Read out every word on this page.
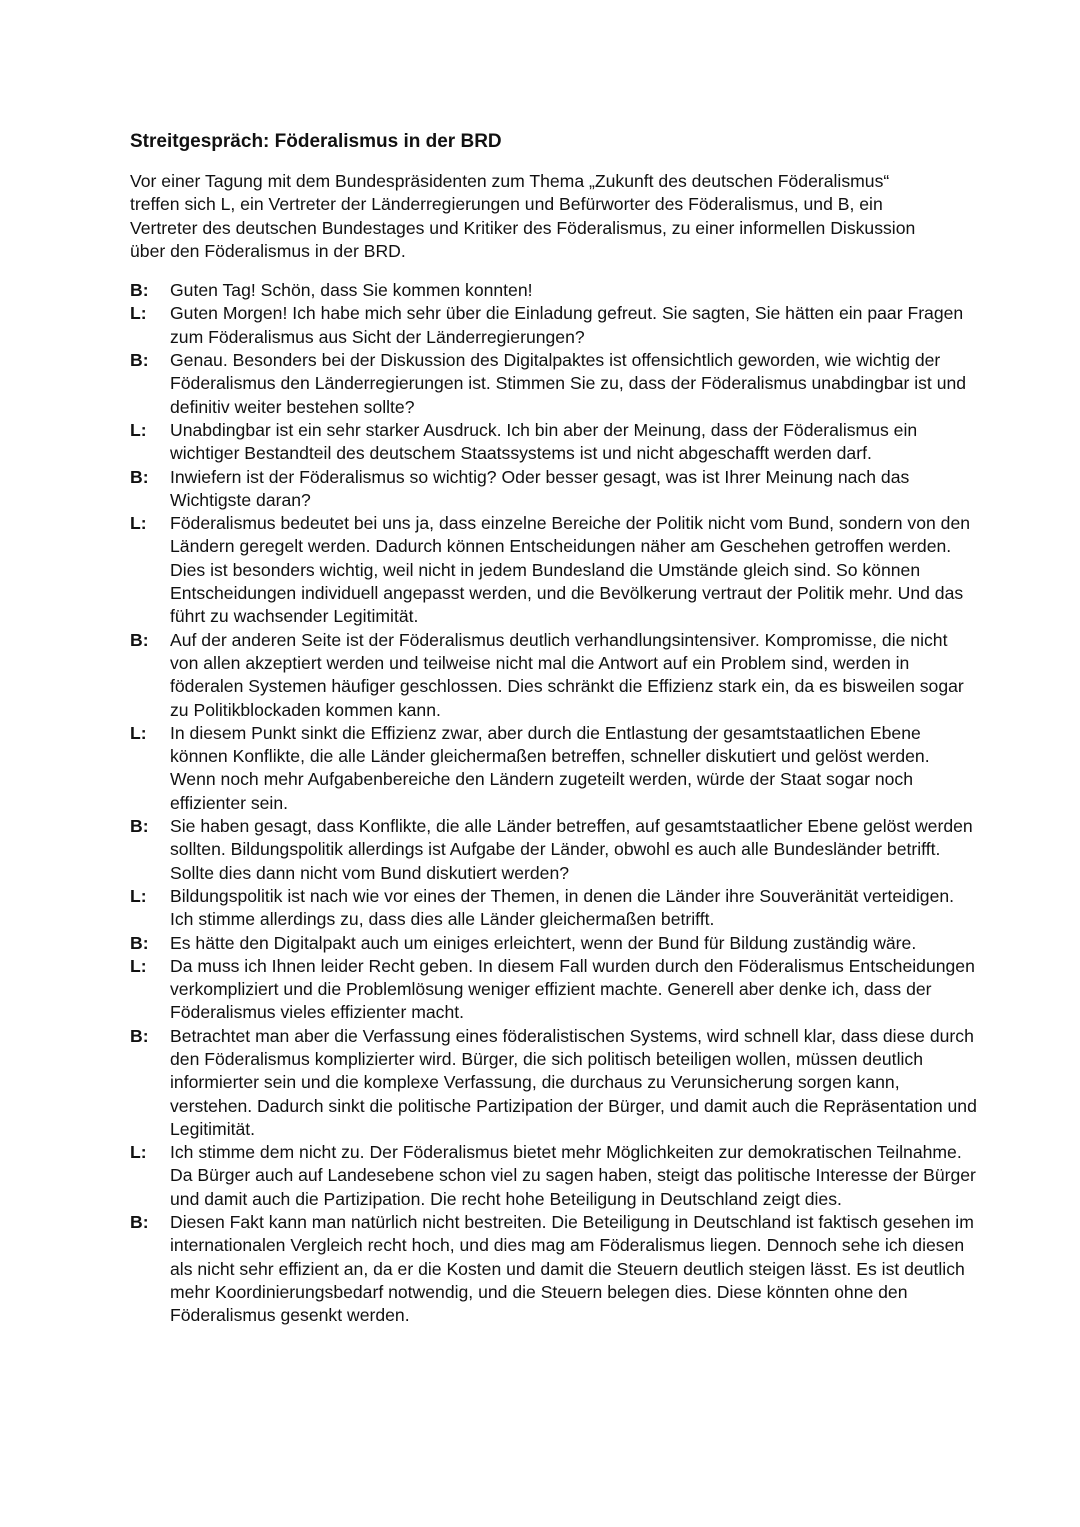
Streitgespräch: Föderalismus in der BRD

Vor einer Tagung mit dem Bundespräsidenten zum Thema „Zukunft des deutschen Föderalismus“ treffen sich L, ein Vertreter der Länderregierungen und Befürworter des Föderalismus, und B, ein Vertreter des deutschen Bundestages und Kritiker des Föderalismus, zu einer informellen Diskussion über den Föderalismus in der BRD.

B:	Guten Tag! Schön, dass Sie kommen konnten!
L:	Guten Morgen! Ich habe mich sehr über die Einladung gefreut. Sie sagten, Sie hätten ein paar Fragen zum Föderalismus aus Sicht der Länderregierungen?
B:	Genau. Besonders bei der Diskussion des Digitalpaktes ist offensichtlich geworden, wie wichtig der Föderalismus den Länderregierungen ist. Stimmen Sie zu, dass der Föderalismus unabdingbar ist und definitiv weiter bestehen sollte?
L:	Unabdingbar ist ein sehr starker Ausdruck. Ich bin aber der Meinung, dass der Föderalismus ein wichtiger Bestandteil des deutschem Staatssystems ist und nicht abgeschafft werden darf.
B:	Inwiefern ist der Föderalismus so wichtig? Oder besser gesagt, was ist Ihrer Meinung nach das Wichtigste daran?
L:	Föderalismus bedeutet bei uns ja, dass einzelne Bereiche der Politik nicht vom Bund, sondern von den Ländern geregelt werden. Dadurch können Entscheidungen näher am Geschehen getroffen werden. Dies ist besonders wichtig, weil nicht in jedem Bundesland die Umstände gleich sind. So können Entscheidungen individuell angepasst werden, und die Bevölkerung vertraut der Politik mehr. Und das führt zu wachsender Legitimität.
B:	Auf der anderen Seite ist der Föderalismus deutlich verhandlungsintensiver. Kompromisse, die nicht von allen akzeptiert werden und teilweise nicht mal die Antwort auf ein Problem sind, werden in föderalen Systemen häufiger geschlossen. Dies schränkt die Effizienz stark ein, da es bisweilen sogar zu Politikblockaden kommen kann.
L:	In diesem Punkt sinkt die Effizienz zwar, aber durch die Entlastung der gesamtstaatlichen Ebene können Konflikte, die alle Länder gleichermaßen betreffen, schneller diskutiert und gelöst werden. Wenn noch mehr Aufgabenbereiche den Ländern zugeteilt werden, würde der Staat sogar noch effizienter sein.
B:	Sie haben gesagt, dass Konflikte, die alle Länder betreffen, auf gesamtstaatlicher Ebene gelöst werden sollten. Bildungspolitik allerdings ist Aufgabe der Länder, obwohl es auch alle Bundesländer betrifft. Sollte dies dann nicht vom Bund diskutiert werden?
L:	Bildungspolitik ist nach wie vor eines der Themen, in denen die Länder ihre Souveränität verteidigen. Ich stimme allerdings zu, dass dies alle Länder gleichermaßen betrifft.
B:	Es hätte den Digitalpakt auch um einiges erleichtert, wenn der Bund für Bildung zuständig wäre.
L:	Da muss ich Ihnen leider Recht geben. In diesem Fall wurden durch den Föderalismus Entscheidungen verkompliziert und die Problemlösung weniger effizient machte. Generell aber denke ich, dass der Föderalismus vieles effizienter macht.
B:	Betrachtet man aber die Verfassung eines föderalistischen Systems, wird schnell klar, dass diese durch den Föderalismus komplizierter wird. Bürger, die sich politisch beteiligen wollen, müssen deutlich informierter sein und die komplexe Verfassung, die durchaus zu Verunsicherung sorgen kann, verstehen. Dadurch sinkt die politische Partizipation der Bürger, und damit auch die Repräsentation und Legitimität.
L:	Ich stimme dem nicht zu. Der Föderalismus bietet mehr Möglichkeiten zur demokratischen Teilnahme. Da Bürger auch auf Landesebene schon viel zu sagen haben, steigt das politische Interesse der Bürger und damit auch die Partizipation. Die recht hohe Beteiligung in Deutschland zeigt dies.
B:	Diesen Fakt kann man natürlich nicht bestreiten. Die Beteiligung in Deutschland ist faktisch gesehen im internationalen Vergleich recht hoch, und dies mag am Föderalismus liegen. Dennoch sehe ich diesen als nicht sehr effizient an, da er die Kosten und damit die Steuern deutlich steigen lässt. Es ist deutlich mehr Koordinierungsbedarf notwendig, und die Steuern belegen dies. Diese könnten ohne den Föderalismus gesenkt werden.
